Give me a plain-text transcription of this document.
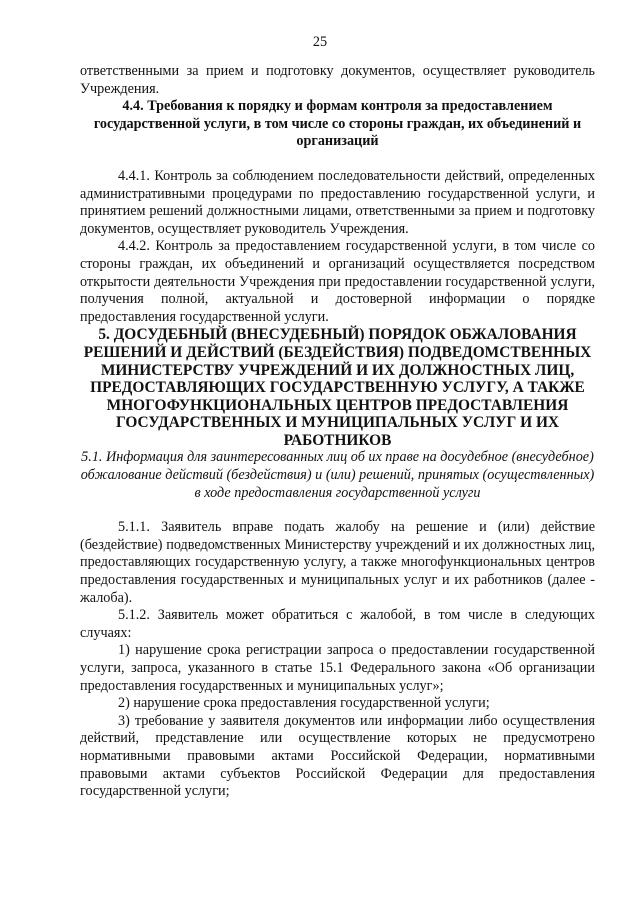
25

ответственными за прием и подготовку документов, осуществляет руководитель Учреждения.

4.4. Требования к порядку и формам контроля за предоставлением государственной услуги, в том числе со стороны граждан, их объединений и организаций

4.4.1. Контроль за соблюдением последовательности действий, определенных административными процедурами по предоставлению государственной услуги, и принятием решений должностными лицами, ответственными за прием и подготовку документов, осуществляет руководитель Учреждения.

4.4.2. Контроль за предоставлением государственной услуги, в том числе со стороны граждан, их объединений и организаций осуществляется посредством открытости деятельности Учреждения при предоставлении государственной услуги, получения полной, актуальной и достоверной информации о порядке предоставления государственной услуги.

5. ДОСУДЕБНЫЙ (ВНЕСУДЕБНЫЙ) ПОРЯДОК ОБЖАЛОВАНИЯ РЕШЕНИЙ И ДЕЙСТВИЙ (БЕЗДЕЙСТВИЯ) ПОДВЕДОМСТВЕННЫХ МИНИСТЕРСТВУ УЧРЕЖДЕНИЙ И ИХ ДОЛЖНОСТНЫХ ЛИЦ, ПРЕДОСТАВЛЯЮЩИХ ГОСУДАРСТВЕННУЮ УСЛУГУ, А ТАКЖЕ МНОГОФУНКЦИОНАЛЬНЫХ ЦЕНТРОВ ПРЕДОСТАВЛЕНИЯ ГОСУДАРСТВЕННЫХ И МУНИЦИПАЛЬНЫХ УСЛУГ И ИХ РАБОТНИКОВ
5.1. Информация для заинтересованных лиц об их праве на досудебное (внесудебное) обжалование действий (бездействия) и (или) решений, принятых (осуществленных) в ходе предоставления государственной услуги

5.1.1. Заявитель вправе подать жалобу на решение и (или) действие (бездействие) подведомственных Министерству учреждений и их должностных лиц, предоставляющих государственную услугу, а также многофункциональных центров предоставления государственных и муниципальных услуг и их работников (далее - жалоба).

5.1.2. Заявитель может обратиться с жалобой, в том числе в следующих случаях:

1) нарушение срока регистрации запроса о предоставлении государственной услуги, запроса, указанного в статье 15.1 Федерального закона «Об организации предоставления государственных и муниципальных услуг»;

2) нарушение срока предоставления государственной услуги;

3) требование у заявителя документов или информации либо осуществления действий, представление или осуществление которых не предусмотрено нормативными правовыми актами Российской Федерации, нормативными правовыми актами субъектов Российской Федерации для предоставления государственной услуги;
